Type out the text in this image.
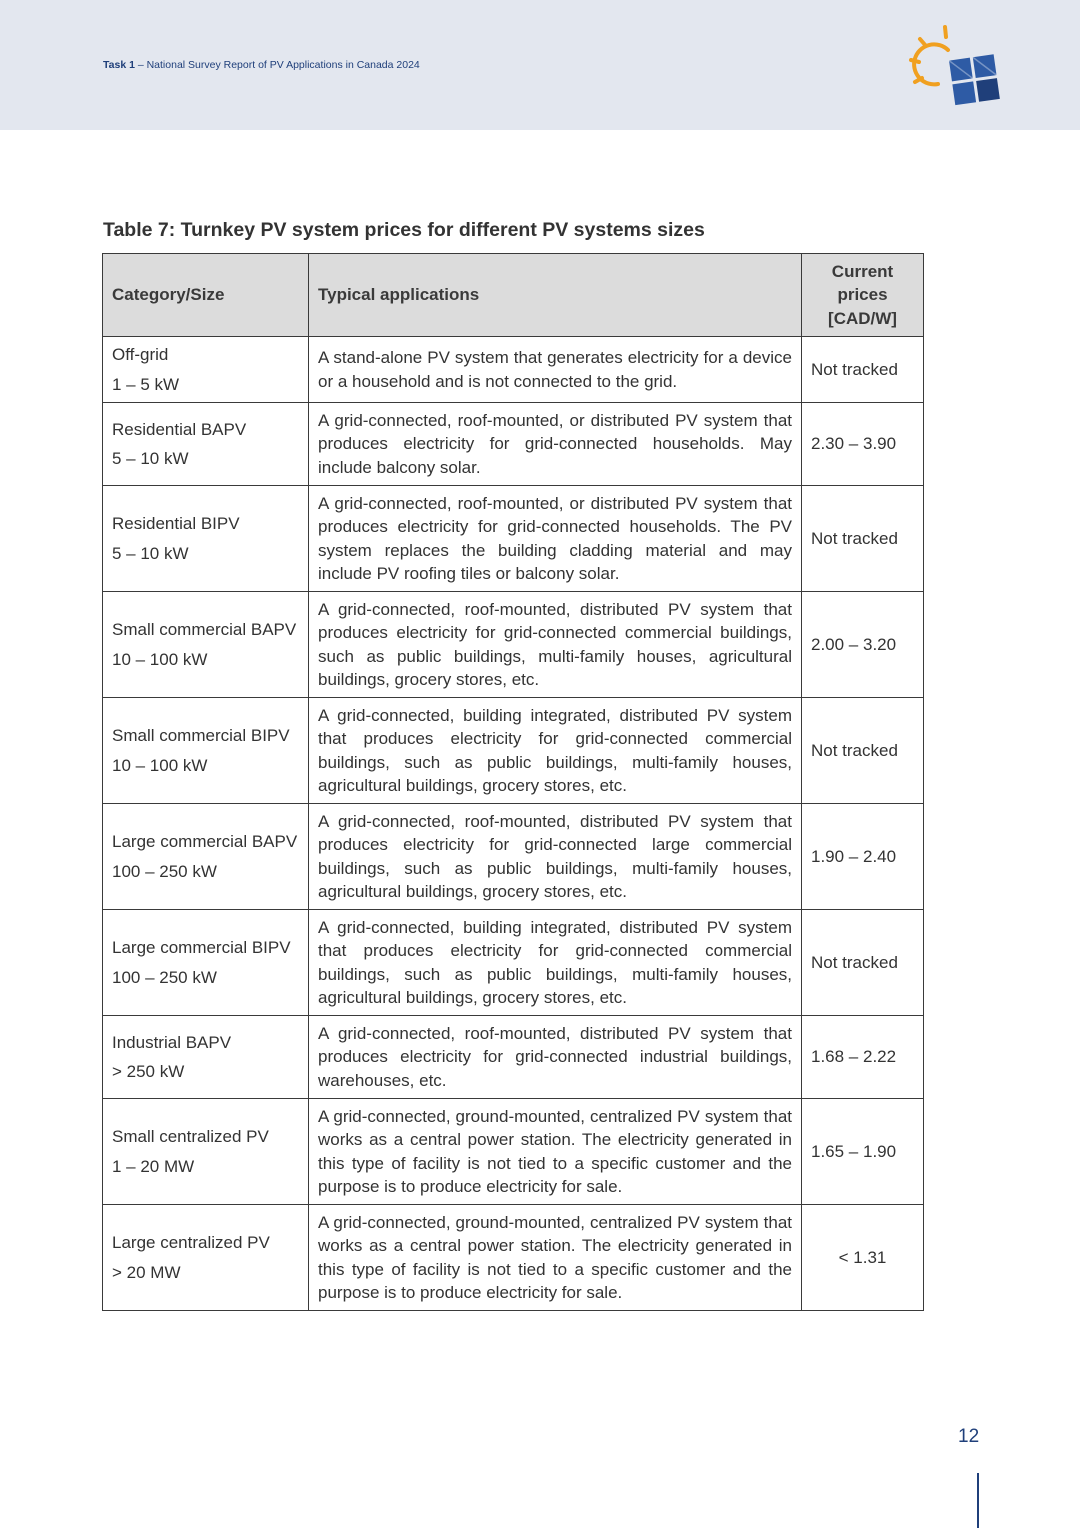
Task 1 – National Survey Report of PV Applications in Canada 2024
Table 7: Turnkey PV system prices for different PV systems sizes
Category/Size	Typical applications	Current prices [CAD/W]

Off-grid
1 – 5 kW	A stand-alone PV system that generates electricity for a device or a household and is not connected to the grid.	Not tracked

Residential BAPV
5 – 10 kW	A grid-connected, roof-mounted, or distributed PV system that produces electricity for grid-connected households. May include balcony solar.	2.30 – 3.90

Residential BIPV
5 – 10 kW	A grid-connected, roof-mounted, or distributed PV system that produces electricity for grid-connected households. The PV system replaces the building cladding material and may include PV roofing tiles or balcony solar.	Not tracked

Small commercial BAPV
10 – 100 kW	A grid-connected, roof-mounted, distributed PV system that produces electricity for grid-connected commercial buildings, such as public buildings, multi-family houses, agricultural buildings, grocery stores, etc.	2.00 – 3.20

Small commercial BIPV
10 – 100 kW	A grid-connected, building integrated, distributed PV system that produces electricity for grid-connected commercial buildings, such as public buildings, multi-family houses, agricultural buildings, grocery stores, etc.	Not tracked

Large commercial BAPV
100 – 250 kW	A grid-connected, roof-mounted, distributed PV system that produces electricity for grid-connected large commercial buildings, such as public buildings, multi-family houses, agricultural buildings, grocery stores, etc.	1.90 – 2.40

Large commercial BIPV
100 – 250 kW	A grid-connected, building integrated, distributed PV system that produces electricity for grid-connected commercial buildings, such as public buildings, multi-family houses, agricultural buildings, grocery stores, etc.	Not tracked

Industrial BAPV
> 250 kW	A grid-connected, roof-mounted, distributed PV system that produces electricity for grid-connected industrial buildings, warehouses, etc.	1.68 – 2.22

Small centralized PV
1 – 20 MW	A grid-connected, ground-mounted, centralized PV system that works as a central power station. The electricity generated in this type of facility is not tied to a specific customer and the purpose is to produce electricity for sale.	1.65 – 1.90

Large centralized PV
> 20 MW	A grid-connected, ground-mounted, centralized PV system that works as a central power station. The electricity generated in this type of facility is not tied to a specific customer and the purpose is to produce electricity for sale.	< 1.31
12
